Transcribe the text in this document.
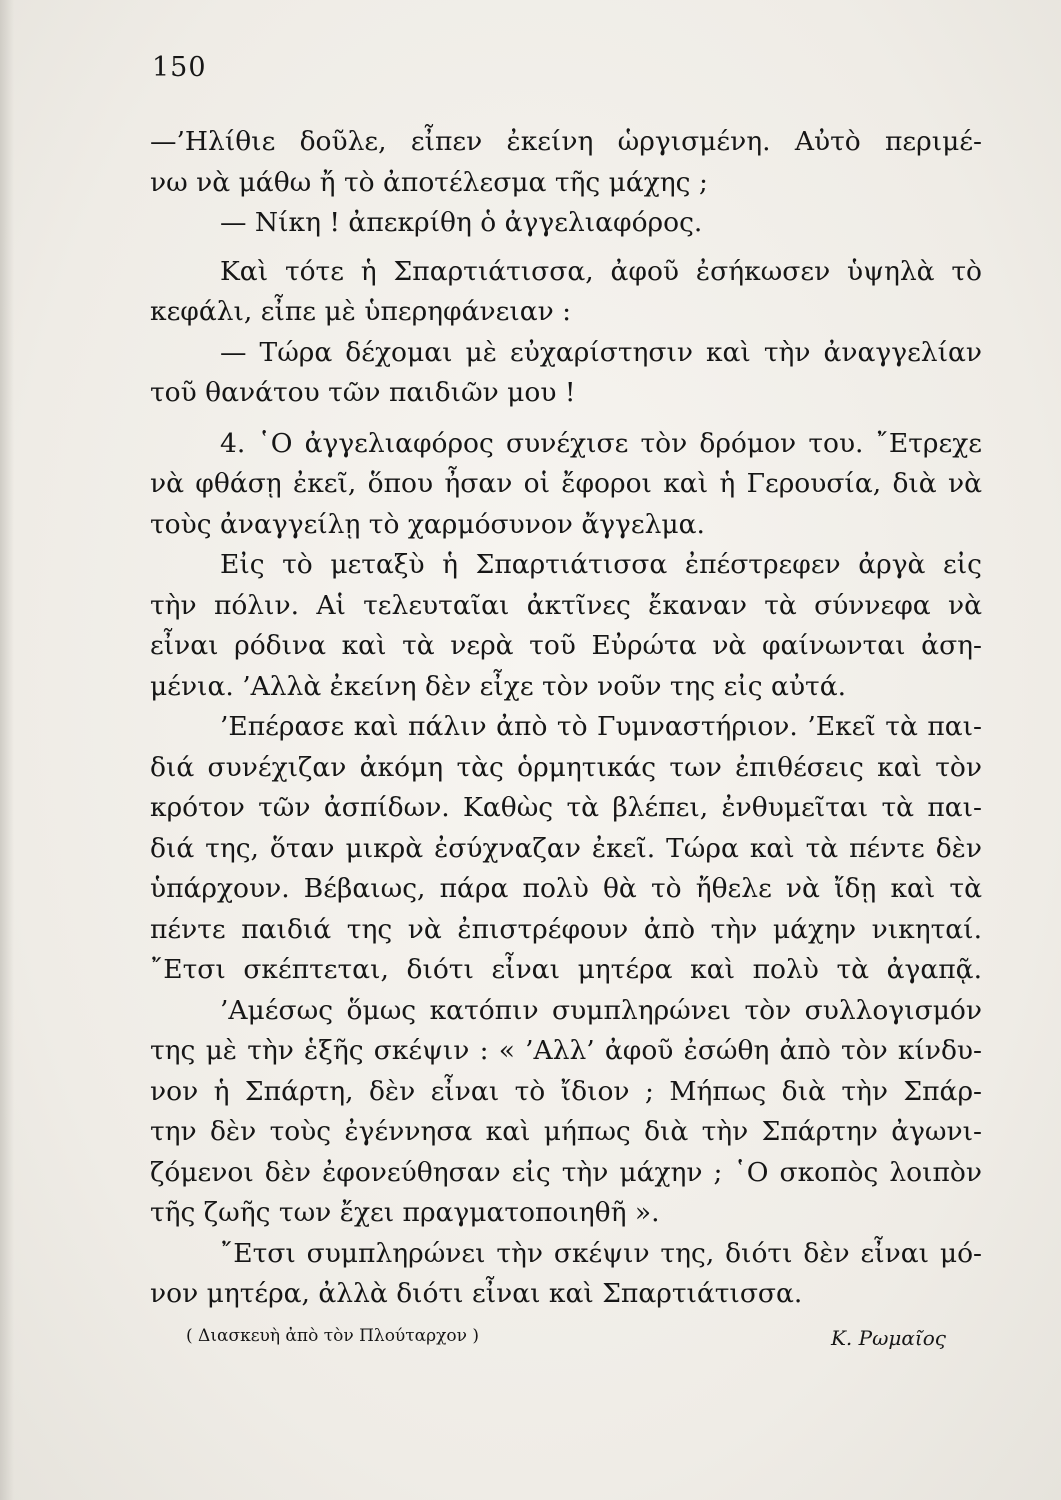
150
—’Ηλίθιε δοῦλε, εἶπεν ἐκείνη ὡργισμένη. Αὐτὸ περιμέ-
νω νὰ μάθω ἤ τὸ ἀποτέλεσμα τῆς μάχης ;
— Νίκη ! ἀπεκρίθη ὁ ἀγγελιαφόρος.
Καὶ τότε ἡ Σπαρτιάτισσα, ἀφοῦ ἐσήκωσεν ὑψηλὰ τὸ
κεφάλι, εἶπε μὲ ὑπερηφάνειαν :
— Τώρα δέχομαι μὲ εὐχαρίστησιν καὶ τὴν ἀναγγελίαν
τοῦ θανάτου τῶν παιδιῶν μου !
4. ῾Ο ἀγγελιαφόρος συνέχισε τὸν δρόμον του. ῎Ετρεχε
νὰ φθάσῃ ἐκεῖ, ὅπου ἦσαν οἱ ἔφοροι καὶ ἡ Γερουσία, διὰ νὰ
τοὺς ἀναγγείλῃ τὸ χαρμόσυνον ἄγγελμα.
Εἰς τὸ μεταξὺ ἡ Σπαρτιάτισσα ἐπέστρεφεν ἀργὰ εἰς
τὴν πόλιν. Αἱ τελευταῖαι ἀκτῖνες ἔκαναν τὰ σύννεφα νὰ
εἶναι ρόδινα καὶ τὰ νερὰ τοῦ Εὐρώτα νὰ φαίνωνται ἀση-
μένια. ’Αλλὰ ἐκείνη δὲν εἶχε τὸν νοῦν της εἰς αὐτά.
’Επέρασε καὶ πάλιν ἀπὸ τὸ Γυμναστήριον. ’Εκεῖ τὰ παι-
διά συνέχιζαν ἀκόμη τὰς ὁρμητικάς των ἐπιθέσεις καὶ τὸν
κρότον τῶν ἀσπίδων. Καθὼς τὰ βλέπει, ἐνθυμεῖται τὰ παι-
διά της, ὅταν μικρὰ ἐσύχναζαν ἐκεῖ. Τώρα καὶ τὰ πέντε δὲν
ὑπάρχουν. Βέβαιως, πάρα πολὺ θὰ τὸ ἤθελε νὰ ἴδῃ καὶ τὰ
πέντε παιδιά της νὰ ἐπιστρέφουν ἀπὸ τὴν μάχην νικηταί.
῎Ετσι σκέπτεται, διότι εἶναι μητέρα καὶ πολὺ τὰ ἀγαπᾷ.
’Αμέσως ὅμως κατόπιν συμπληρώνει τὸν συλλογισμόν
της μὲ τὴν ἑξῆς σκέψιν : « ’Αλλ’ ἀφοῦ ἐσώθη ἀπὸ τὸν κίνδυ-
νον ἡ Σπάρτη, δὲν εἶναι τὸ ἴδιον ; Μήπως διὰ τὴν Σπάρ-
την δὲν τοὺς ἐγέννησα καὶ μήπως διὰ τὴν Σπάρτην ἀγωνι-
ζόμενοι δὲν ἐφονεύθησαν εἰς τὴν μάχην ; ῾Ο σκοπὸς λοιπὸν
τῆς ζωῆς των ἔχει πραγματοποιηθῆ ».
῎Ετσι συμπληρώνει τὴν σκέψιν της, διότι δὲν εἶναι μό-
νον μητέρα, ἀλλὰ διότι εἶναι καὶ Σπαρτιάτισσα.
( Διασκευὴ ἀπὸ τὸν Πλούταρχον )	Κ. Ρωμαῖος
